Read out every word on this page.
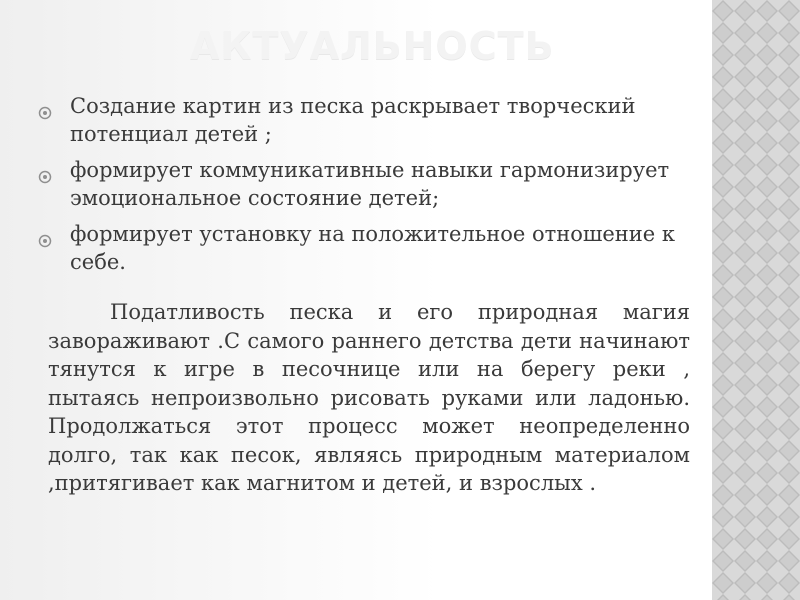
АКТУАЛЬНОСТЬ
Создание картин из песка раскрывает творческий потенциал детей ;
формирует коммуникативные навыки гармонизирует эмоциональное состояние детей;
формирует установку на положительное отношение к себе.

Податливость песка и его природная магия завораживают .С самого раннего детства дети начинают тянутся к игре в песочнице или на берегу реки , пытаясь непроизвольно рисовать руками или ладонью. Продолжаться этот процесс может неопределенно долго, так как песок, являясь природным материалом ,притягивает как магнитом и детей, и взрослых .
